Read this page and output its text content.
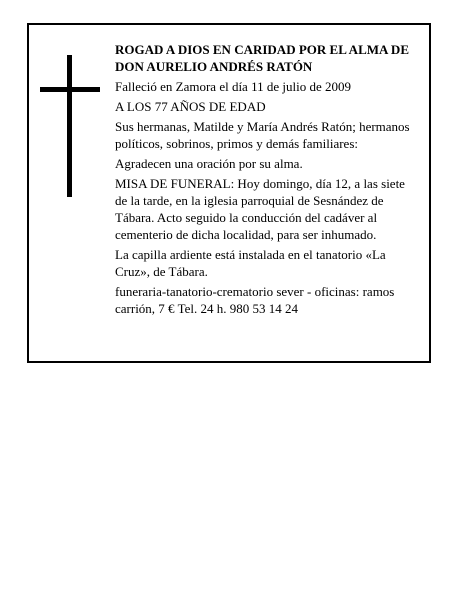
ROGAD A DIOS EN CARIDAD POR EL ALMA DE DON AURELIO ANDRÉS RATÓN

Falleció en Zamora el día 11 de julio de 2009

A LOS 77 AÑOS DE EDAD

Sus hermanas, Matilde y María Andrés Ratón; hermanos políticos, sobrinos, primos y demás familiares:

Agradecen una oración por su alma.

MISA DE FUNERAL: Hoy domingo, día 12, a las siete de la tarde, en la iglesia parroquial de Sesnández de Tábara. Acto seguido la conducción del cadáver al cementerio de dicha localidad, para ser inhumado.

La capilla ardiente está instalada en el tanatorio «La Cruz», de Tábara.

funeraria-tanatorio-crematorio sever - oficinas: ramos carrión, 7 € Tel. 24 h. 980 53 14 24
